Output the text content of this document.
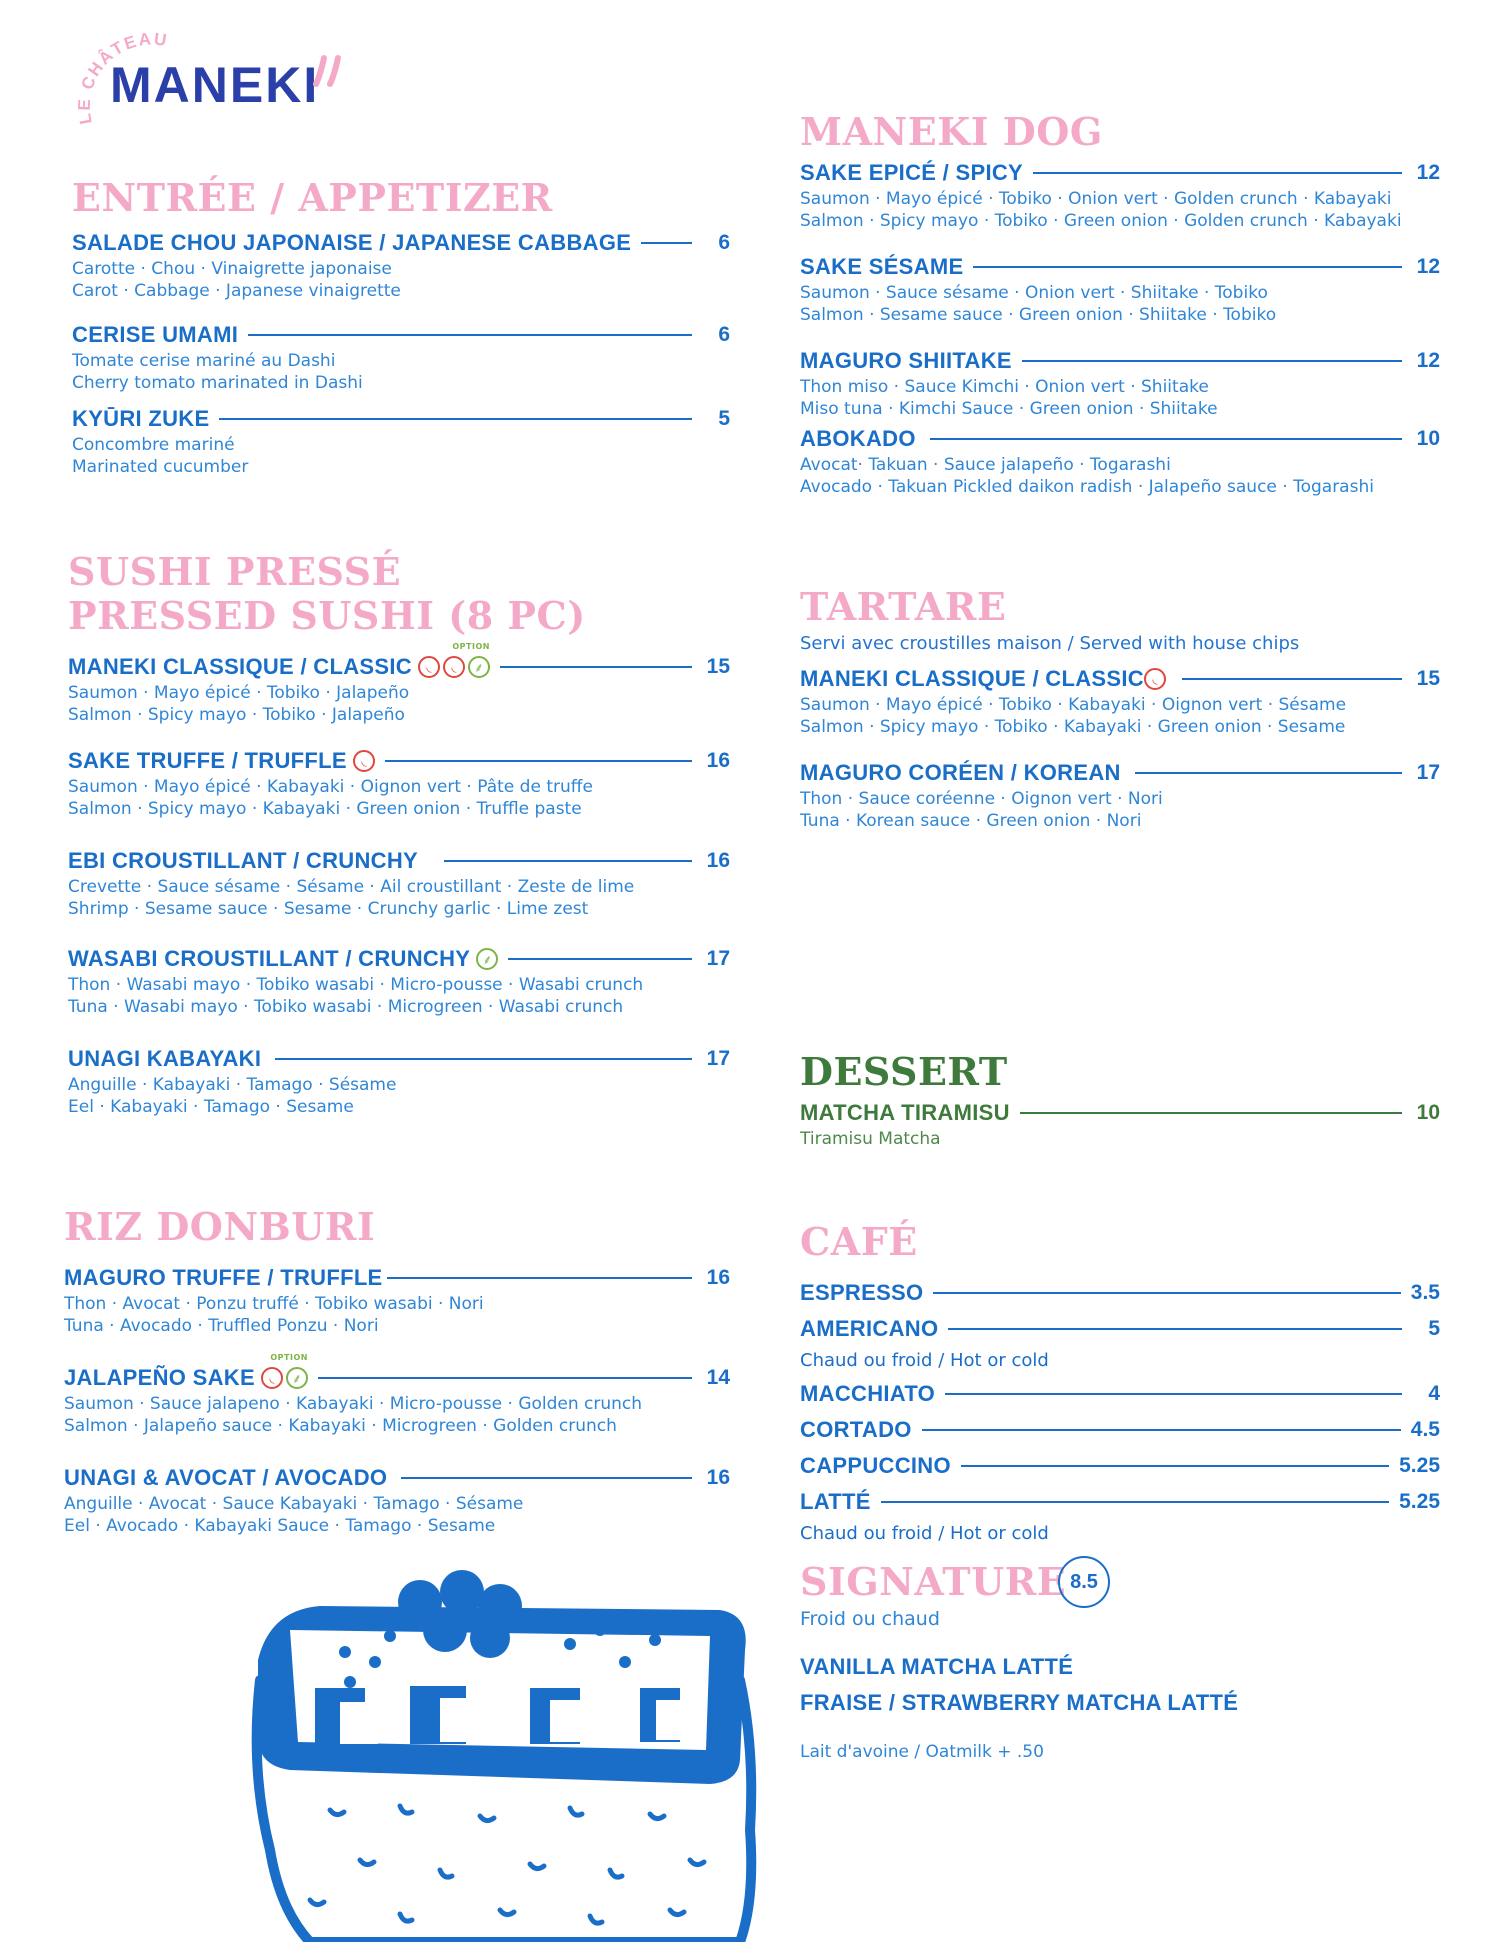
LE CHÂTEAU
MANEKI
ENTRÉE / APPETIZER
SALADE CHOU JAPONAISE / JAPANESE CABBAGE	6
Carotte · Chou · Vinaigrette japonaise
Carot · Cabbage · Japanese vinaigrette
CERISE UMAMI	6
Tomate cerise mariné au Dashi
Cherry tomato marinated in Dashi
KYŪRI ZUKE	5
Concombre mariné
Marinated cucumber
SUSHI PRESSÉ
PRESSED SUSHI (8 PC)
MANEKI CLASSIQUE / CLASSIC
OPTION
◟	◟	⸙	15
Saumon · Mayo épicé · Tobiko · Jalapeño
Salmon · Spicy mayo · Tobiko · Jalapeño
SAKE TRUFFE / TRUFFLE	◟	16
Saumon · Mayo épicé · Kabayaki · Oignon vert · Pâte de truffe
Salmon · Spicy mayo · Kabayaki · Green onion · Truffle paste
EBI CROUSTILLANT / CRUNCHY	16
Crevette · Sauce sésame · Sésame · Ail croustillant · Zeste de lime
Shrimp · Sesame sauce · Sesame · Crunchy garlic · Lime zest
WASABI CROUSTILLANT / CRUNCHY ⸙	17
Thon · Wasabi mayo · Tobiko wasabi · Micro-pousse · Wasabi crunch
Tuna · Wasabi mayo · Tobiko wasabi · Microgreen · Wasabi crunch
UNAGI KABAYAKI	17
Anguille · Kabayaki · Tamago · Sésame
Eel · Kabayaki · Tamago · Sesame
RIZ DONBURI
MAGURO TRUFFE / TRUFFLE	16
Thon · Avocat · Ponzu truffé · Tobiko wasabi · Nori
Tuna · Avocado · Truffled Ponzu · Nori
JALAPEÑO SAKE
OPTION
◟	⸙	14
Saumon · Sauce jalapeno · Kabayaki · Micro-pousse · Golden crunch
Salmon · Jalapeño sauce · Kabayaki · Microgreen · Golden crunch
UNAGI & AVOCAT / AVOCADO	16
Anguille · Avocat · Sauce Kabayaki · Tamago · Sésame
Eel · Avocado · Kabayaki Sauce · Tamago · Sesame
MANEKI DOG
SAKE EPICÉ / SPICY	12
Saumon · Mayo épicé · Tobiko · Onion vert · Golden crunch · Kabayaki
Salmon · Spicy mayo · Tobiko · Green onion · Golden crunch · Kabayaki
SAKE SÉSAME	12
Saumon · Sauce sésame · Onion vert · Shiitake · Tobiko
Salmon · Sesame sauce · Green onion · Shiitake · Tobiko
MAGURO SHIITAKE	12
Thon miso · Sauce Kimchi · Onion vert · Shiitake
Miso tuna · Kimchi Sauce · Green onion · Shiitake
ABOKADO	10
Avocat· Takuan · Sauce jalapeño · Togarashi
Avocado · Takuan Pickled daikon radish · Jalapeño sauce · Togarashi
TARTARE
Servi avec croustilles maison / Served with house chips
MANEKI CLASSIQUE / CLASSIC ◟	15
Saumon · Mayo épicé · Tobiko · Kabayaki · Oignon vert · Sésame
Salmon · Spicy mayo · Tobiko · Kabayaki · Green onion · Sesame
MAGURO CORÉEN / KOREAN	17
Thon · Sauce coréenne · Oignon vert · Nori
Tuna · Korean sauce · Green onion · Nori
DESSERT
MATCHA TIRAMISU	10
Tiramisu Matcha
CAFÉ
ESPRESSO	3.5
AMERICANO	5
Chaud ou froid / Hot or cold
MACCHIATO	4
CORTADO	4.5
CAPPUCCINO	5.25
LATTÉ	5.25
Chaud ou froid / Hot or cold
SIGNATURE 8.5
Froid ou chaud
VANILLA MATCHA LATTÉ
FRAISE / STRAWBERRY MATCHA LATTÉ
Lait d'avoine / Oatmilk + .50
